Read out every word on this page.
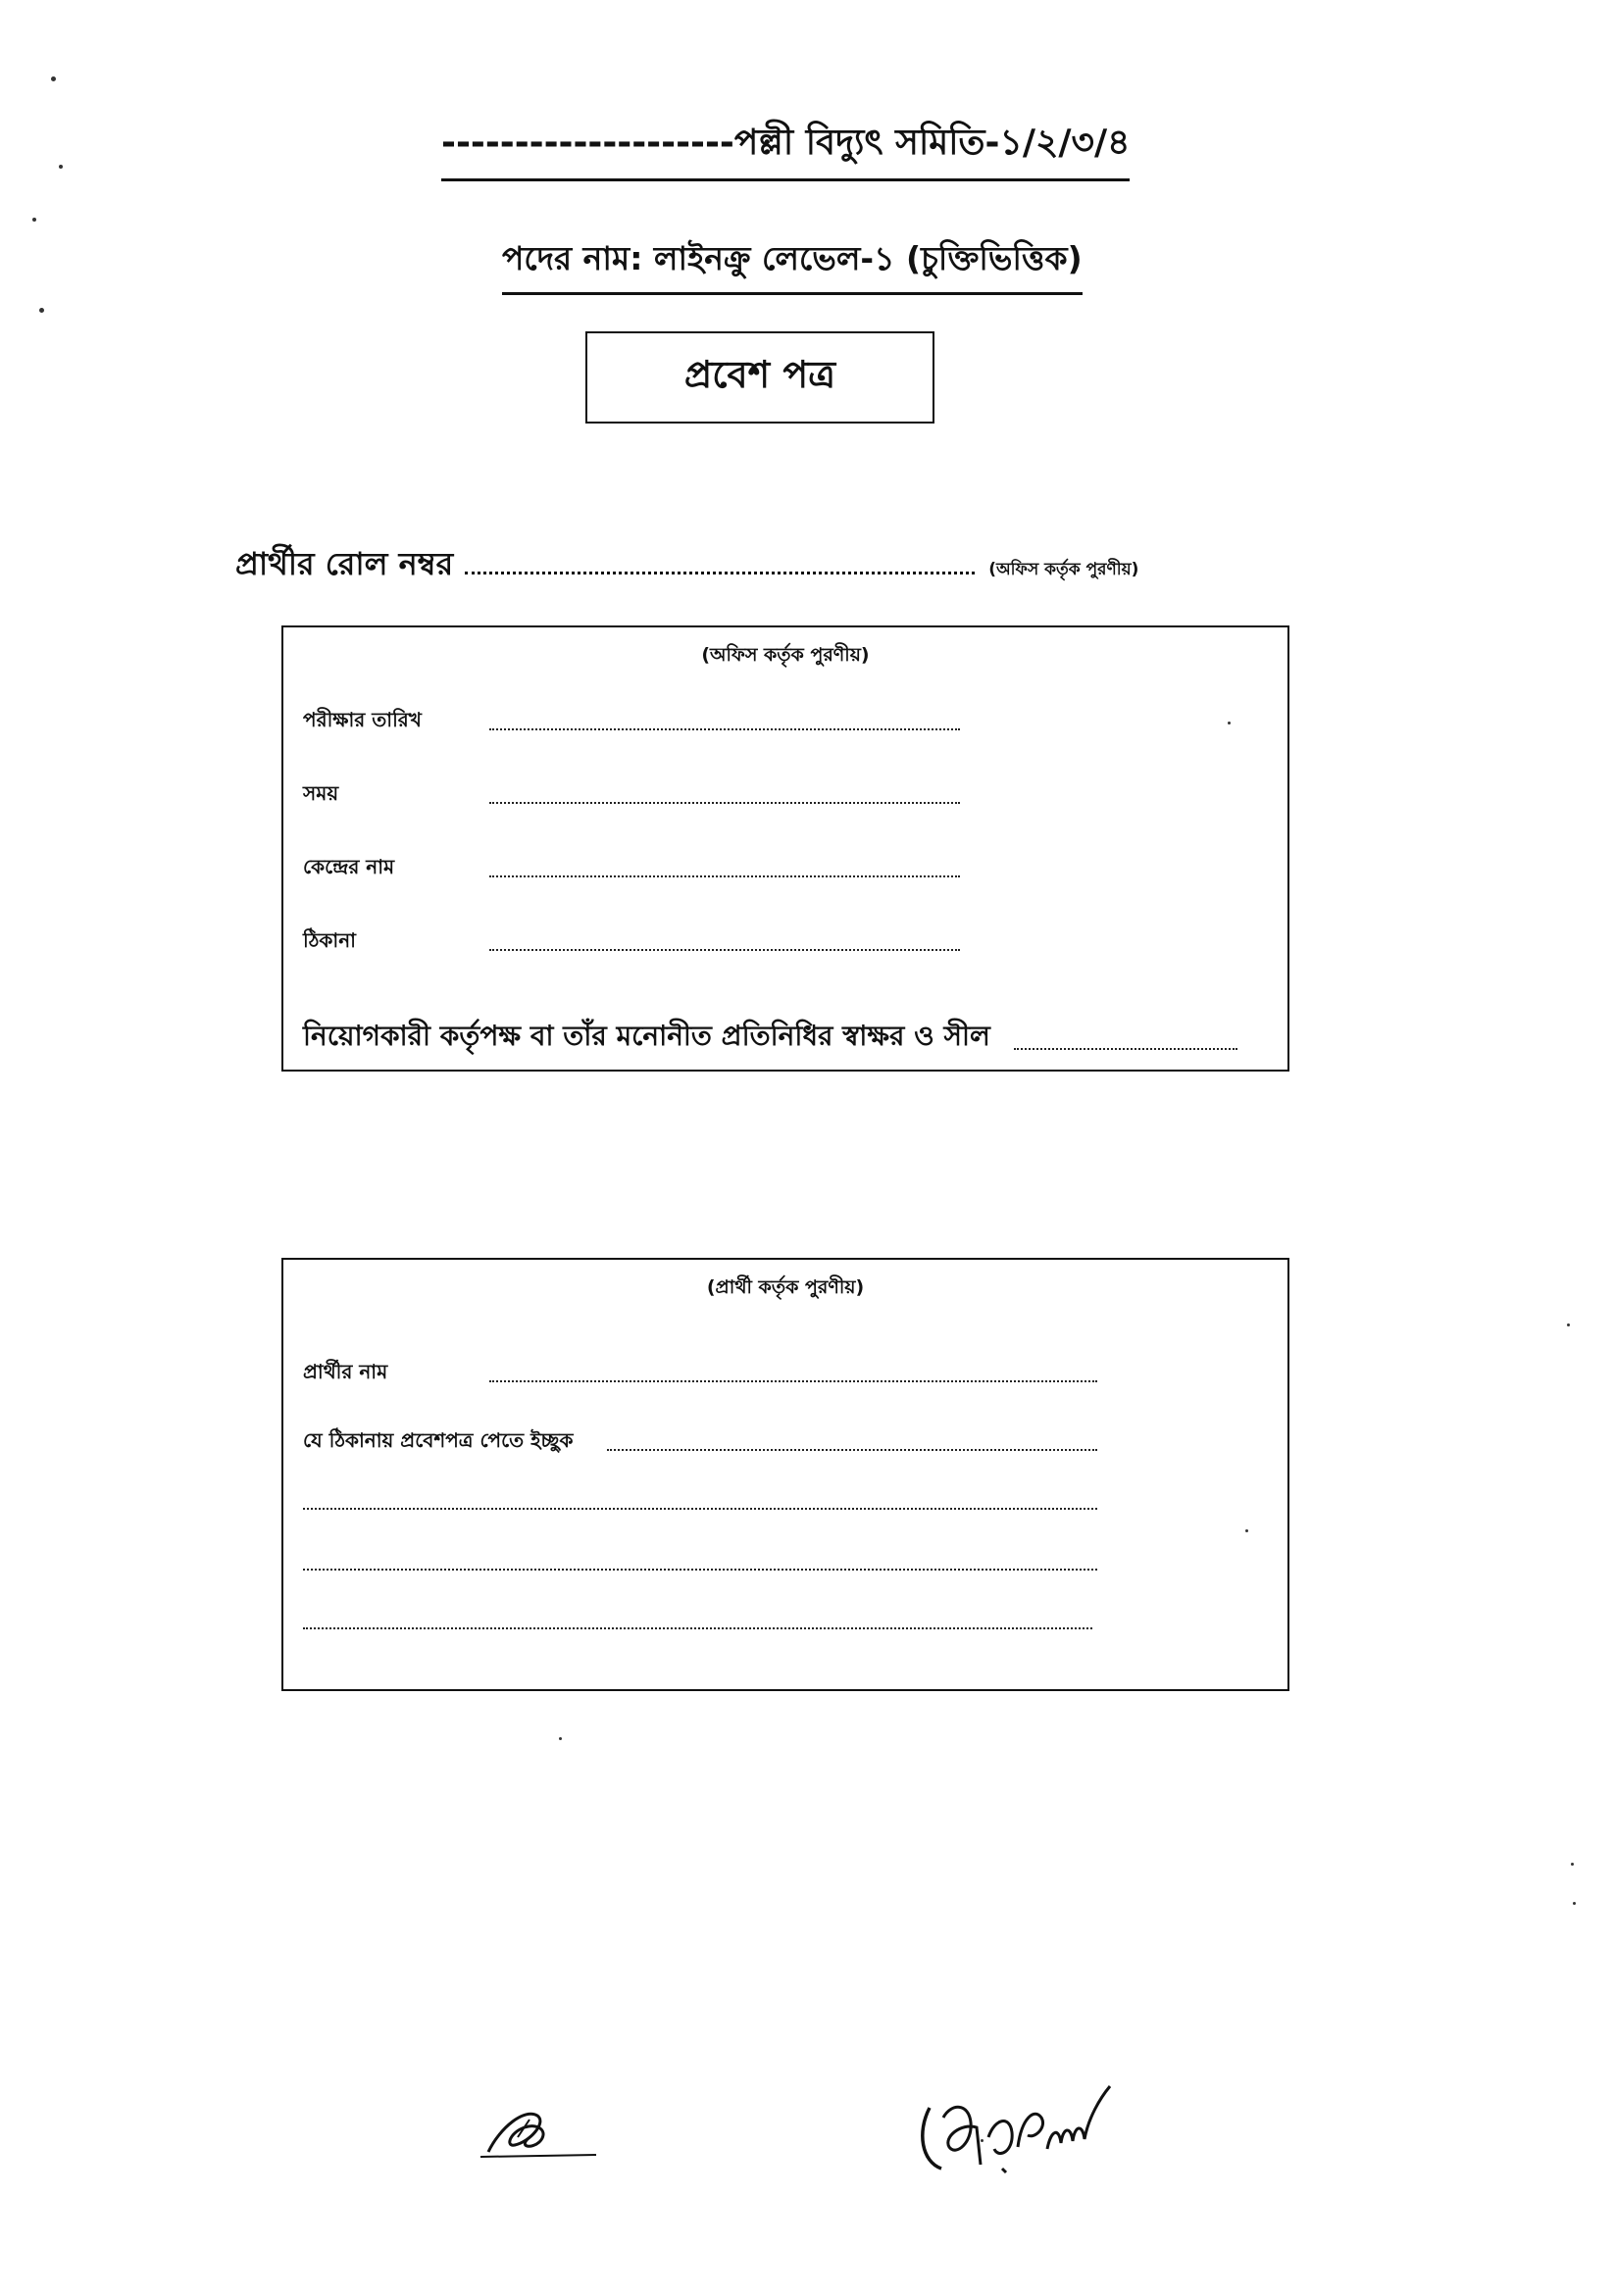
--------------------পল্লী বিদ্যুৎ সমিতি-১/২/৩/৪
পদের নাম: লাইনক্রু লেভেল-১ (চুক্তিভিত্তিক)
প্রবেশ পত্র
প্রার্থীর রোল নম্বর	(অফিস কর্তৃক পুরণীয়)
(অফিস কর্তৃক পুরণীয়)
পরীক্ষার তারিখ
সময়
কেন্দ্রের নাম
ঠিকানা
নিয়োগকারী কর্তৃপক্ষ বা তাঁর মনোনীত প্রতিনিধির স্বাক্ষর ও সীল
(প্রার্থী কর্তৃক পুরণীয়)
প্রার্থীর নাম
যে ঠিকানায় প্রবেশপত্র পেতে ইচ্ছুক
